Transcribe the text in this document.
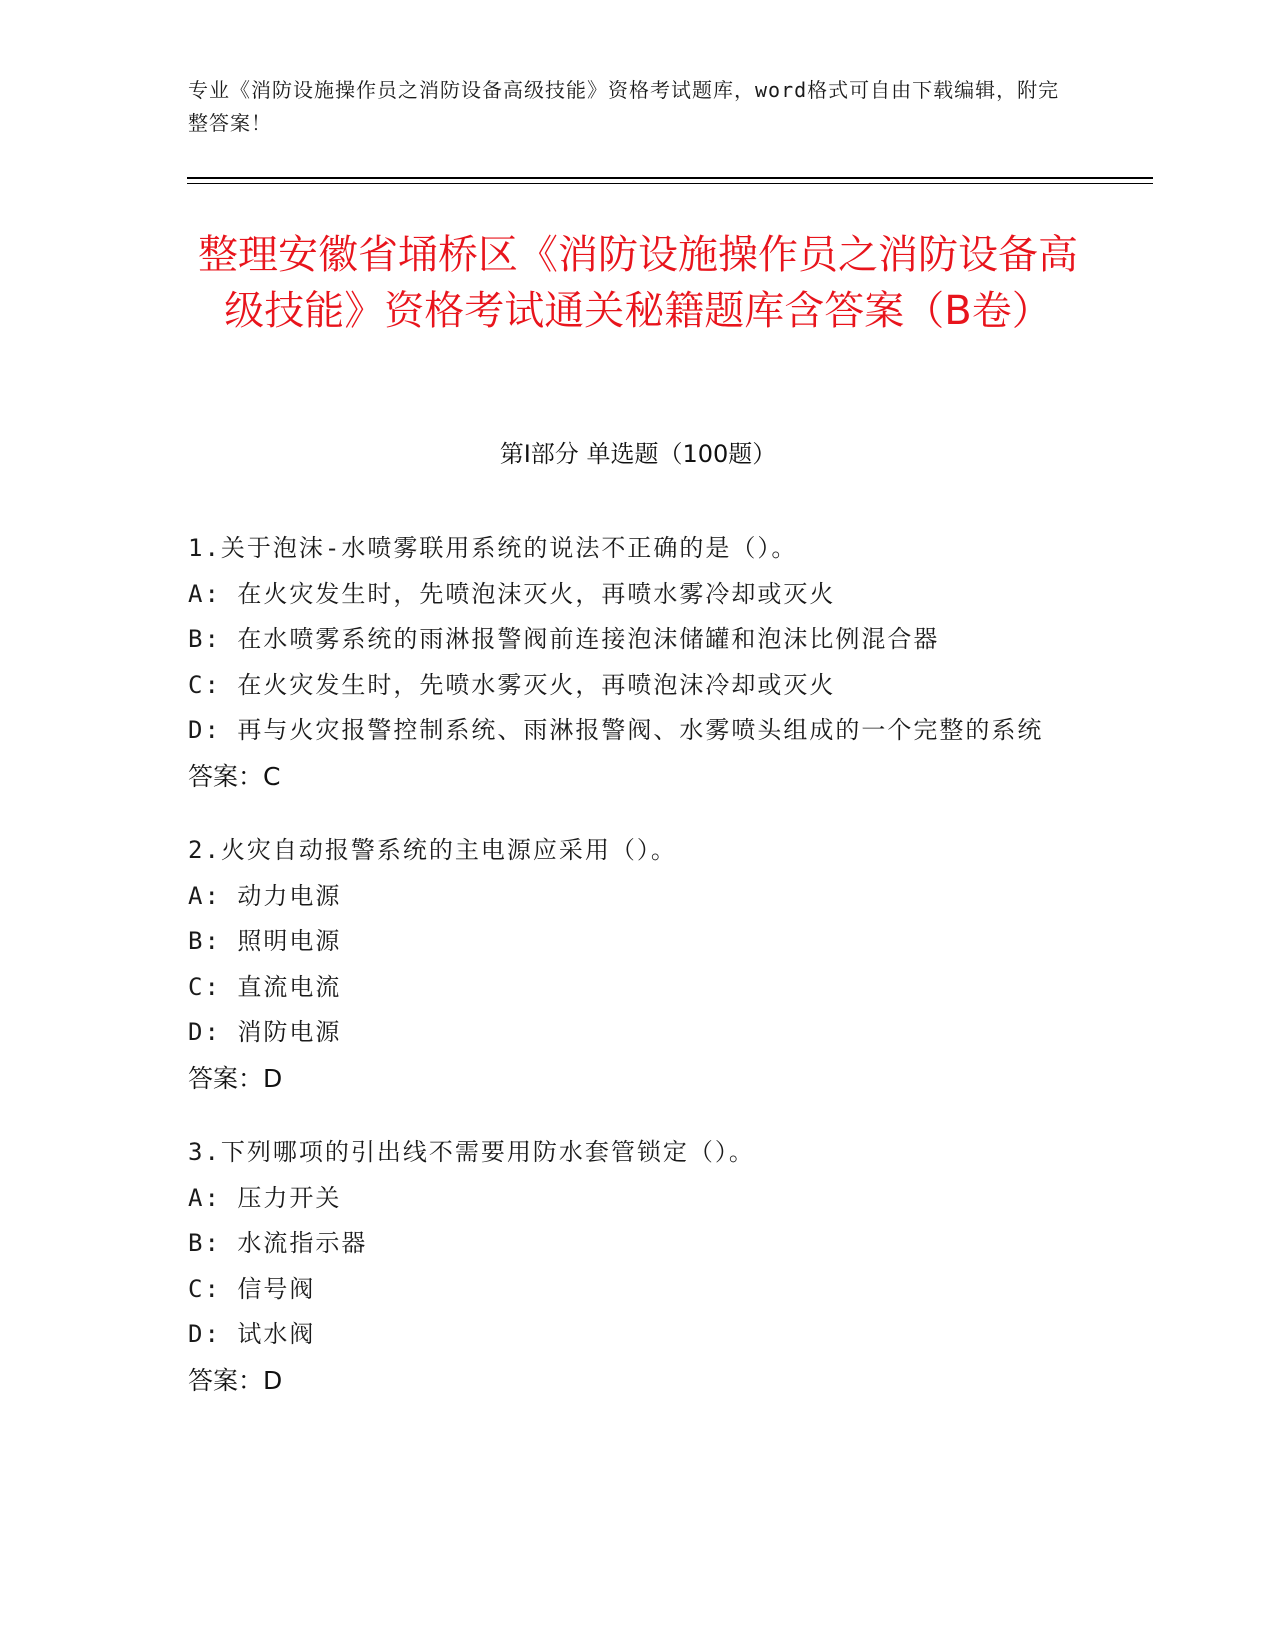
专业《消防设施操作员之消防设备高级技能》资格考试题库，word格式可自由下载编辑，附完整答案！
整理安徽省埇桥区《消防设施操作员之消防设备高级技能》资格考试通关秘籍题库含答案（B卷）
第Ⅰ部分 单选题（100题）

1.关于泡沫-水喷雾联用系统的说法不正确的是（）。

A: 在火灾发生时，先喷泡沫灭火，再喷水雾冷却或灭火

B: 在水喷雾系统的雨淋报警阀前连接泡沫储罐和泡沫比例混合器

C: 在火灾发生时，先喷水雾灭火，再喷泡沫冷却或灭火

D: 再与火灾报警控制系统、雨淋报警阀、水雾喷头组成的一个完整的系统

答案：C

2.火灾自动报警系统的主电源应采用（）。

A: 动力电源

B: 照明电源

C: 直流电流

D: 消防电源

答案：D

3.下列哪项的引出线不需要用防水套管锁定（）。

A: 压力开关

B: 水流指示器

C: 信号阀

D: 试水阀

答案：D
